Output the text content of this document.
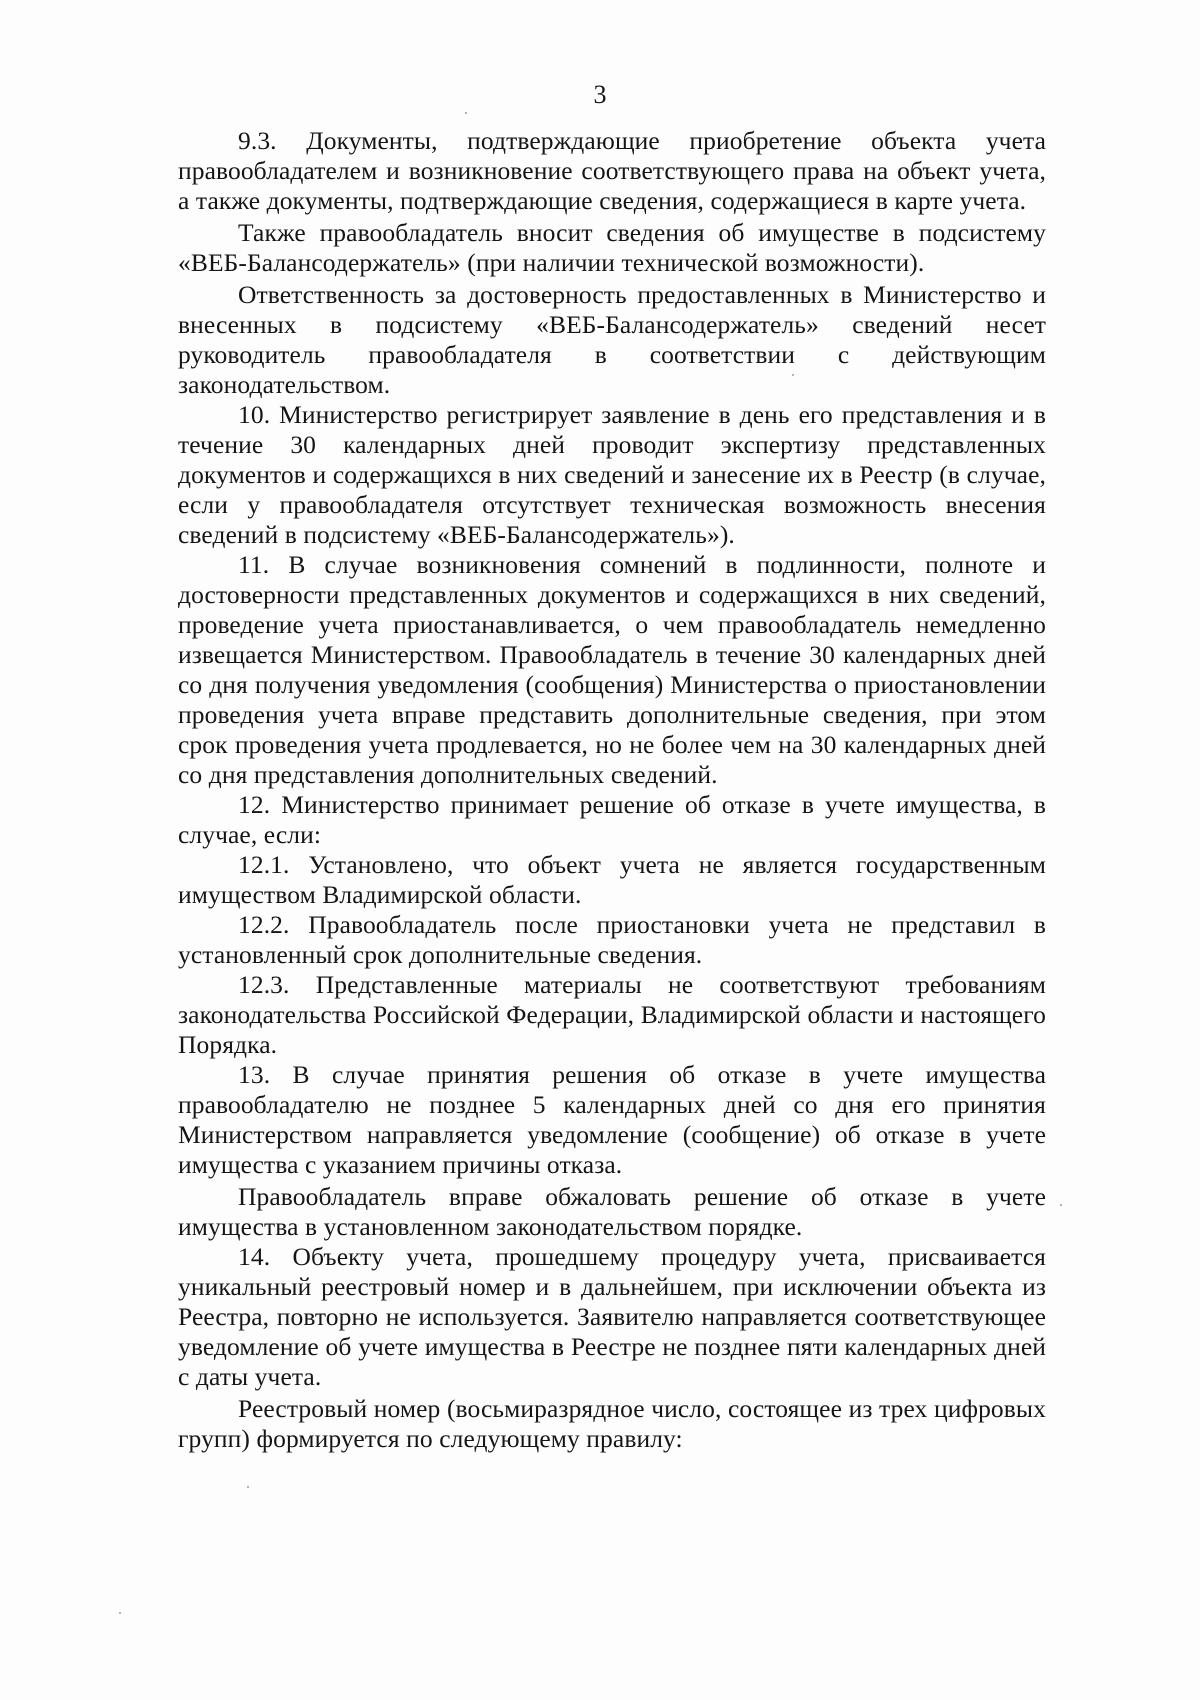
3

9.3. Документы, подтверждающие приобретение объекта учета правообладателем и возникновение соответствующего права на объект учета, а также документы, подтверждающие сведения, содержащиеся в карте учета.

Также правообладатель вносит сведения об имуществе в подсистему «ВЕБ-Балансодержатель» (при наличии технической возможности).

Ответственность за достоверность предоставленных в Министерство и внесенных в подсистему «ВЕБ-Балансодержатель» сведений несет руководитель правообладателя в соответствии с действующим законодательством.

10. Министерство регистрирует заявление в день его представления и в течение 30 календарных дней проводит экспертизу представленных документов и содержащихся в них сведений и занесение их в Реестр (в случае, если у правообладателя отсутствует техническая возможность внесения сведений в подсистему «ВЕБ-Балансодержатель»).

11. В случае возникновения сомнений в подлинности, полноте и достоверности представленных документов и содержащихся в них сведений, проведение учета приостанавливается, о чем правообладатель немедленно извещается Министерством. Правообладатель в течение 30 календарных дней со дня получения уведомления (сообщения) Министерства о приостановлении проведения учета вправе представить дополнительные сведения, при этом срок проведения учета продлевается, но не более чем на 30 календарных дней со дня представления дополнительных сведений.

12. Министерство принимает решение об отказе в учете имущества, в случае, если:

12.1. Установлено, что объект учета не является государственным имуществом Владимирской области.

12.2. Правообладатель после приостановки учета не представил в установленный срок дополнительные сведения.

12.3. Представленные материалы не соответствуют требованиям законодательства Российской Федерации, Владимирской области и настоящего Порядка.

13. В случае принятия решения об отказе в учете имущества правообладателю не позднее 5 календарных дней со дня его принятия Министерством направляется уведомление (сообщение) об отказе в учете имущества с указанием причины отказа.

Правообладатель вправе обжаловать решение об отказе в учете имущества в установленном законодательством порядке.

14. Объекту учета, прошедшему процедуру учета, присваивается уникальный реестровый номер и в дальнейшем, при исключении объекта из Реестра, повторно не используется. Заявителю направляется соответствующее уведомление об учете имущества в Реестре не позднее пяти календарных дней с даты учета.

Реестровый номер (восьмиразрядное число, состоящее из трех цифровых групп) формируется по следующему правилу:
